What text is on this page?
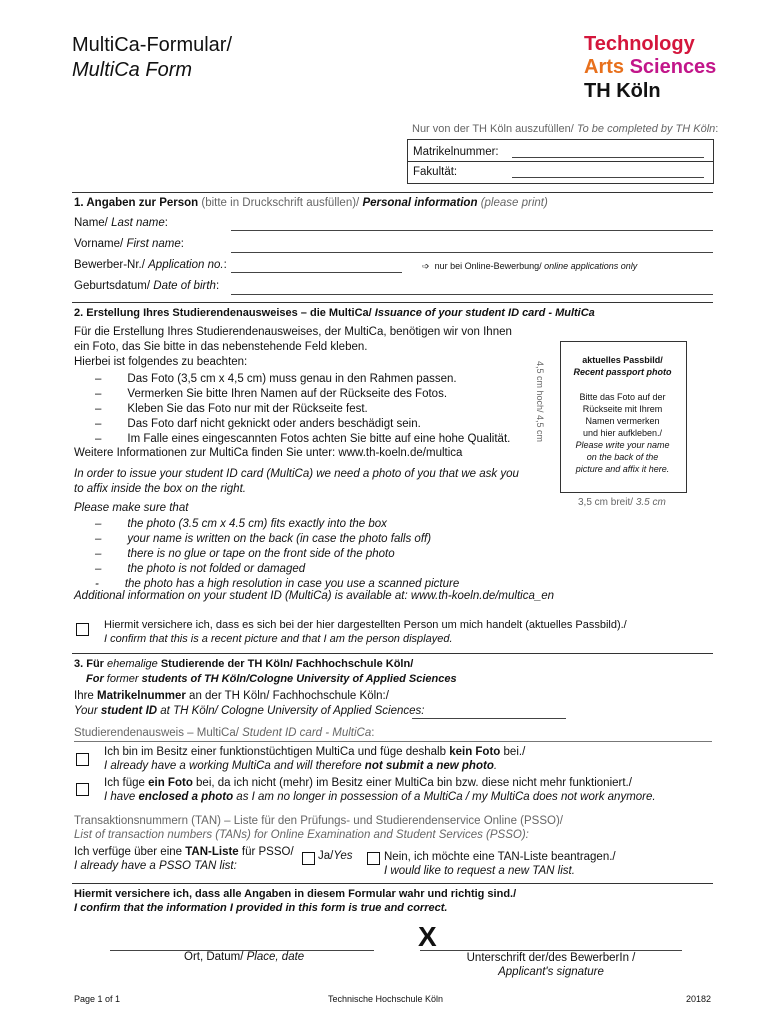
MultiCa-Formular/
MultiCa Form
Technology
Arts Sciences
TH Köln
Nur von der TH Köln auszufüllen/ To be completed by TH Köln:
Matrikelnummer:
Fakultät:
1. Angaben zur Person (bitte in Druckschrift ausfüllen)/ Personal information (please print)
Name/ Last name:
Vorname/ First name:
Bewerber-Nr./ Application no.:	➩ nur bei Online-Bewerbung/ online applications only
Geburtsdatum/ Date of birth:
2. Erstellung Ihres Studierendenausweises – die MultiCa/ Issuance of your student ID card - MultiCa
Für die Erstellung Ihres Studierendenausweises, der MultiCa, benötigen wir von Ihnen
ein Foto, das Sie bitte in das nebenstehende Feld kleben.
Hierbei ist folgendes zu beachten:
– Das Foto (3,5 cm x 4,5 cm) muss genau in den Rahmen passen.
– Vermerken Sie bitte Ihren Namen auf der Rückseite des Fotos.
– Kleben Sie das Foto nur mit der Rückseite fest.
– Das Foto darf nicht geknickt oder anders beschädigt sein.
– Im Falle eines eingescannten Fotos achten Sie bitte auf eine hohe Qualität.
Weitere Informationen zur MultiCa finden Sie unter: www.th-koeln.de/multica
In order to issue your student ID card (MultiCa) we need a photo of you that we ask you
to affix inside the box on the right.
Please make sure that
– the photo (3.5 cm x 4.5 cm) fits exactly into the box
– your name is written on the back (in case the photo falls off)
– there is no glue or tape on the front side of the photo
– the photo is not folded or damaged
- the photo has a high resolution in case you use a scanned picture
Additional information on your student ID (MultiCa) is available at: www.th-koeln.de/multica_en
aktuelles Passbild/
Recent passport photo
Bitte das Foto auf der
Rückseite mit Ihrem
Namen vermerken
und hier aufkleben./
Please write your name
on the back of the
picture and affix it here.
4,5 cm hoch/ 4,5 cm
3,5 cm breit/ 3.5 cm
Hiermit versichere ich, dass es sich bei der hier dargestellten Person um mich handelt (aktuelles Passbild)./
I confirm that this is a recent picture and that I am the person displayed.
3. Für ehemalige Studierende der TH Köln/ Fachhochschule Köln/
For former students of TH Köln/Cologne University of Applied Sciences
Ihre Matrikelnummer an der TH Köln/ Fachhochschule Köln:/
Your student ID at TH Köln/ Cologne University of Applied Sciences:
Studierendenausweis – MultiCa/ Student ID card - MultiCa:
Ich bin im Besitz einer funktionstüchtigen MultiCa und füge deshalb kein Foto bei./
I already have a working MultiCa and will therefore not submit a new photo.
Ich füge ein Foto bei, da ich nicht (mehr) im Besitz einer MultiCa bin bzw. diese nicht mehr funktioniert./
I have enclosed a photo as I am no longer in possession of a MultiCa / my MultiCa does not work anymore.
Transaktionsnummern (TAN) – Liste für den Prüfungs- und Studierendenservice Online (PSSO)/
List of transaction numbers (TANs) for Online Examination and Student Services (PSSO):
Ich verfüge über eine TAN-Liste für PSSO/
I already have a PSSO TAN list:
Ja/Yes	Nein, ich möchte eine TAN-Liste beantragen./
I would like to request a new TAN list.
Hiermit versichere ich, dass alle Angaben in diesem Formular wahr und richtig sind./
I confirm that the information I provided in this form is true and correct.
Ort, Datum/ Place, date
X
Unterschrift der/des BewerberIn /
Applicant's signature
Page 1 of 1	Technische Hochschule Köln	20182
